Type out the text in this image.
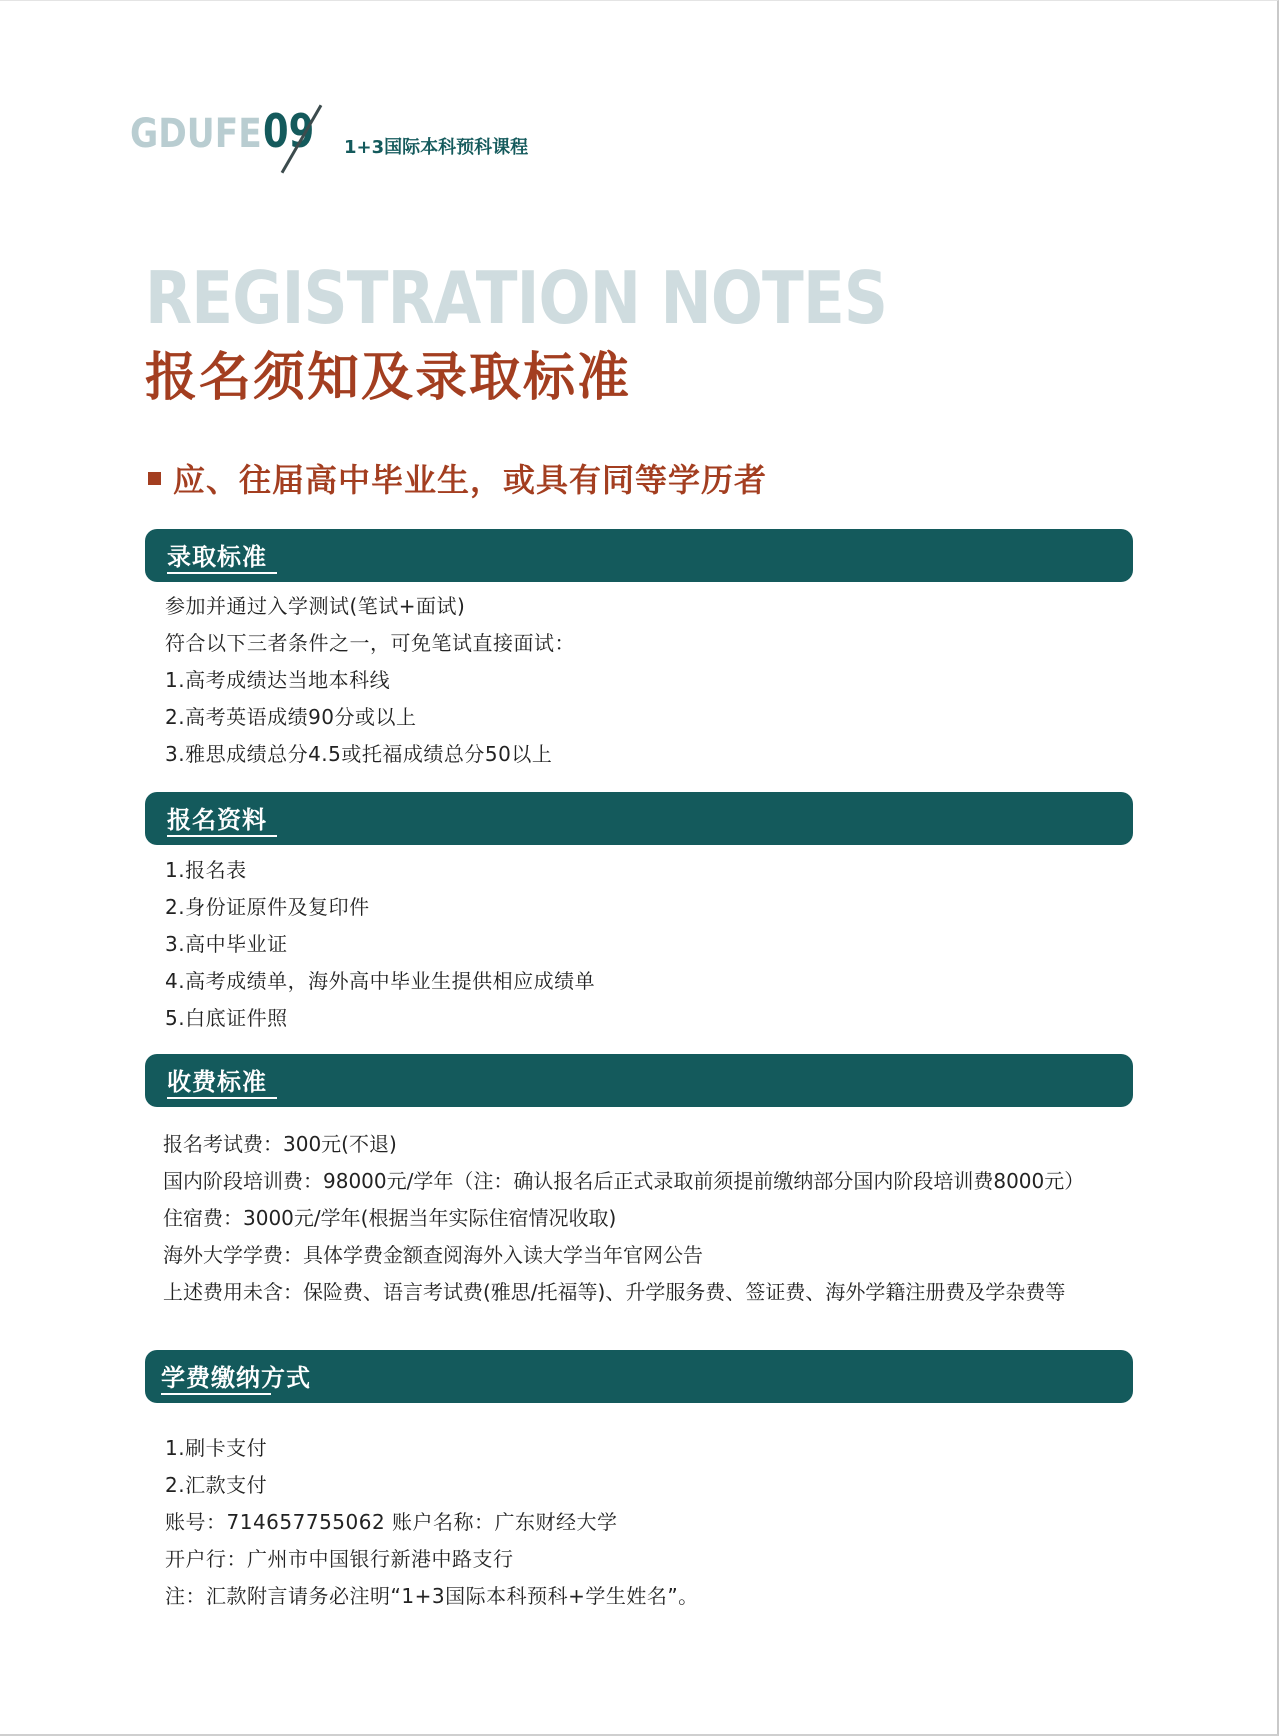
GDUFE 09 1+3国际本科预科课程
REGISTRATION NOTES
报名须知及录取标准
应、往届高中毕业生，或具有同等学历者
录取标准
参加并通过入学测试(笔试+面试)
符合以下三者条件之一，可免笔试直接面试：
1.高考成绩达当地本科线
2.高考英语成绩90分或以上
3.雅思成绩总分4.5或托福成绩总分50以上
报名资料
1.报名表
2.身份证原件及复印件
3.高中毕业证
4.高考成绩单，海外高中毕业生提供相应成绩单
5.白底证件照
收费标准
报名考试费：300元(不退)
国内阶段培训费：98000元/学年（注：确认报名后正式录取前须提前缴纳部分国内阶段培训费8000元）
住宿费：3000元/学年(根据当年实际住宿情况收取)
海外大学学费：具体学费金额查阅海外入读大学当年官网公告
上述费用未含：保险费、语言考试费(雅思/托福等)、升学服务费、签证费、海外学籍注册费及学杂费等
学费缴纳方式
1.刷卡支付
2.汇款支付
账号：714657755062 账户名称：广东财经大学
开户行：广州市中国银行新港中路支行
注：汇款附言请务必注明“1+3国际本科预科+学生姓名”。
